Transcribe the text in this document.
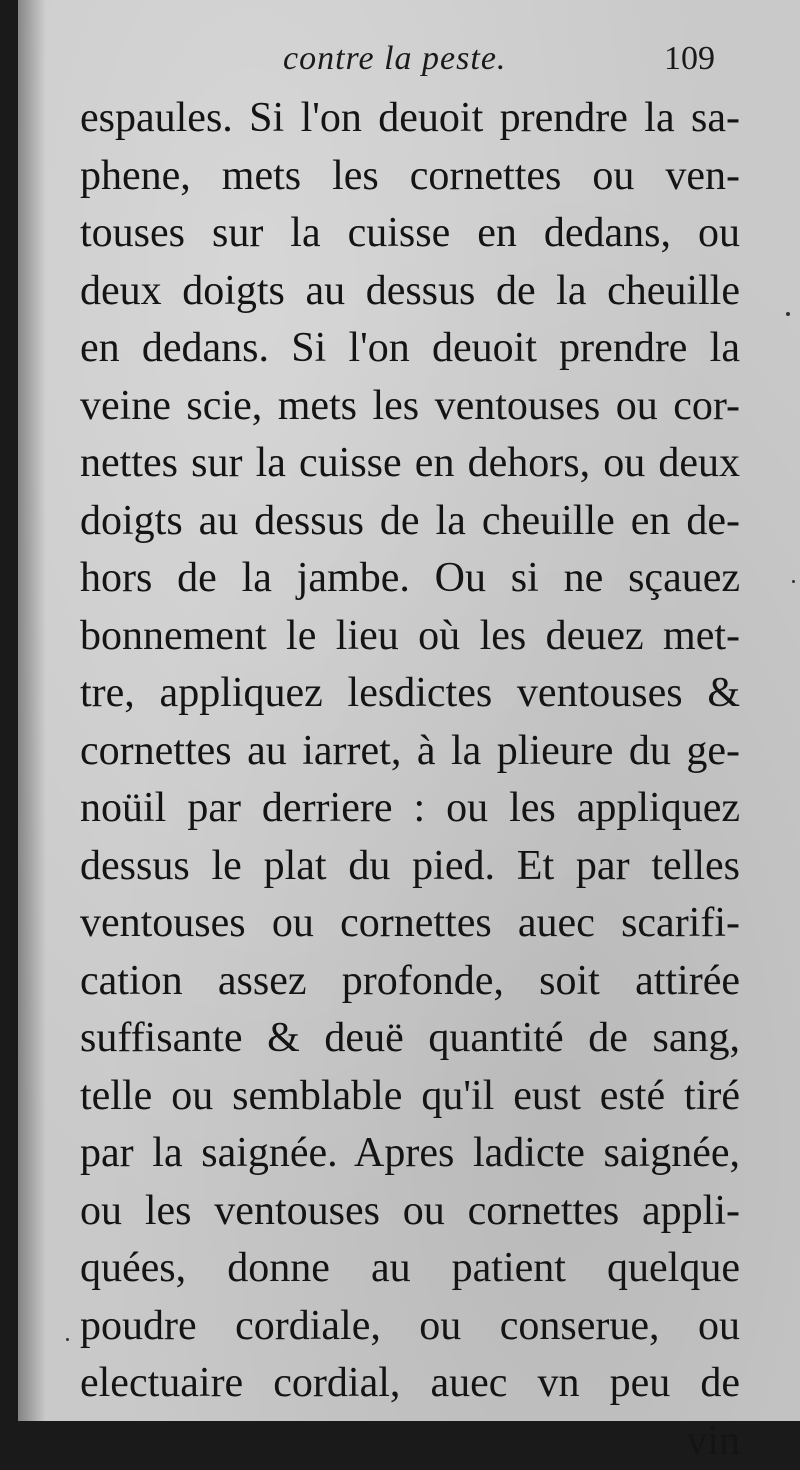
contre la peste.	109
espaules. Si l'on deuoit prendre la sa-
phene, mets les cornettes ou ven-
touses sur la cuisse en dedans, ou
deux doigts au dessus de la cheuille
en dedans. Si l'on deuoit prendre la
veine scie, mets les ventouses ou cor-
nettes sur la cuisse en dehors, ou deux
doigts au dessus de la cheuille en de-
hors de la jambe. Ou si ne sçauez
bonnement le lieu où les deuez met-
tre, appliquez lesdictes ventouses &
cornettes au iarret, à la plieure du ge-
noüil par derriere : ou les appliquez
dessus le plat du pied. Et par telles
ventouses ou cornettes auec scarifi-
cation assez profonde, soit attirée
suffisante & deuë quantité de sang,
telle ou semblable qu'il eust esté tiré
par la saignée. Apres ladicte saignée,
ou les ventouses ou cornettes appli-
quées, donne au patient quelque
poudre cordiale, ou conserue, ou
electuaire cordial, auec vn peu de
vin
